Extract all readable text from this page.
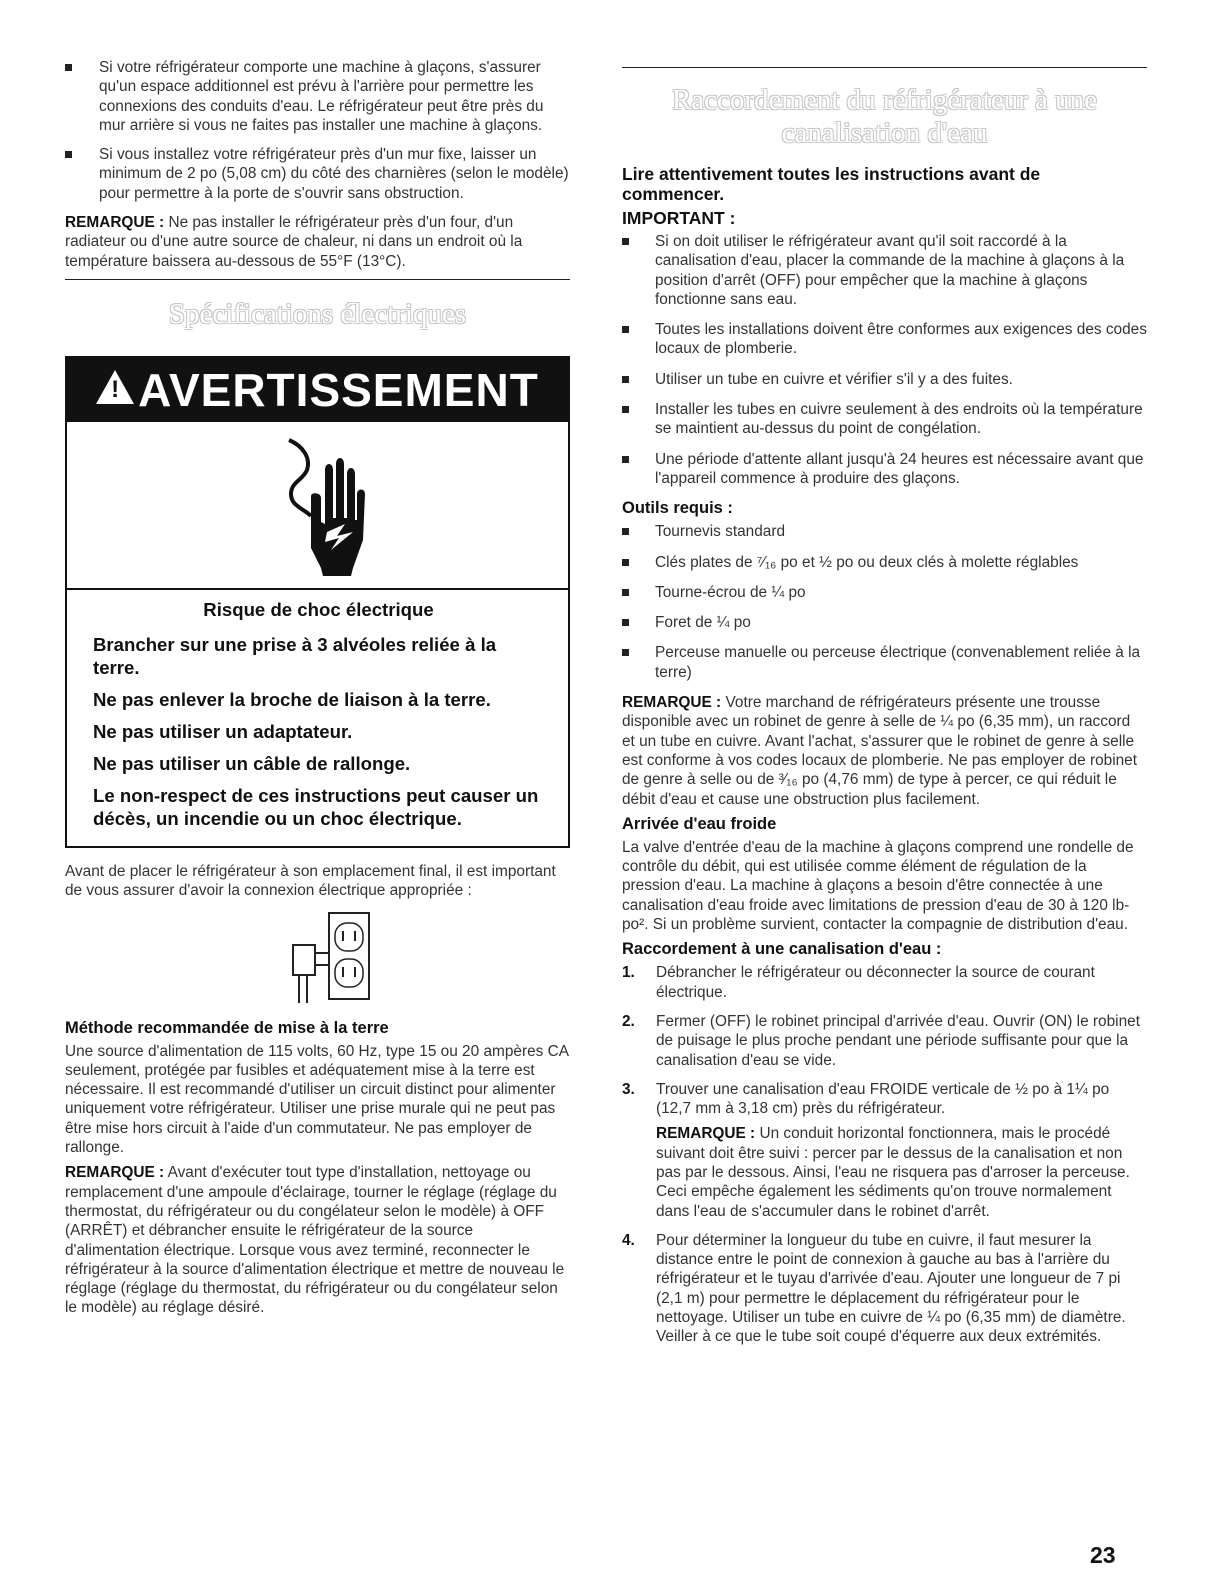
Si votre réfrigérateur comporte une machine à glaçons, s'assurer qu'un espace additionnel est prévu à l'arrière pour permettre les connexions des conduits d'eau. Le réfrigérateur peut être près du mur arrière si vous ne faites pas installer une machine à glaçons.
Si vous installez votre réfrigérateur près d'un mur fixe, laisser un minimum de 2 po (5,08 cm) du côté des charnières (selon le modèle) pour permettre à la porte de s'ouvrir sans obstruction.

REMARQUE : Ne pas installer le réfrigérateur près d'un four, d'un radiateur ou d'une autre source de chaleur, ni dans un endroit où la température baissera au-dessous de 55°F (13°C).

Spécifications électriques
! AVERTISSEMENT

Risque de choc électrique

Brancher sur une prise à 3 alvéoles reliée à la terre.

Ne pas enlever la broche de liaison à la terre.

Ne pas utiliser un adaptateur.

Ne pas utiliser un câble de rallonge.

Le non-respect de ces instructions peut causer un décès, un incendie ou un choc électrique.

Avant de placer le réfrigérateur à son emplacement final, il est important de vous assurer d'avoir la connexion électrique appropriée :

Méthode recommandée de mise à la terre

Une source d'alimentation de 115 volts, 60 Hz, type 15 ou 20 ampères CA seulement, protégée par fusibles et adéquatement mise à la terre est nécessaire. Il est recommandé d'utiliser un circuit distinct pour alimenter uniquement votre réfrigérateur. Utiliser une prise murale qui ne peut pas être mise hors circuit à l'aide d'un commutateur. Ne pas employer de rallonge.

REMARQUE : Avant d'exécuter tout type d'installation, nettoyage ou remplacement d'une ampoule d'éclairage, tourner le réglage (réglage du thermostat, du réfrigérateur ou du congélateur selon le modèle) à OFF (ARRÊT) et débrancher ensuite le réfrigérateur de la source d'alimentation électrique. Lorsque vous avez terminé, reconnecter le réfrigérateur à la source d'alimentation électrique et mettre de nouveau le réglage (réglage du thermostat, du réfrigérateur ou du congélateur selon le modèle) au réglage désiré.

Raccordement du réfrigérateur à une canalisation d'eau

Lire attentivement toutes les instructions avant de commencer.

IMPORTANT :

Si on doit utiliser le réfrigérateur avant qu'il soit raccordé à la canalisation d'eau, placer la commande de la machine à glaçons à la position d'arrêt (OFF) pour empêcher que la machine à glaçons fonctionne sans eau.
Toutes les installations doivent être conformes aux exigences des codes locaux de plomberie.
Utiliser un tube en cuivre et vérifier s'il y a des fuites.
Installer les tubes en cuivre seulement à des endroits où la température se maintient au-dessus du point de congélation.
Une période d'attente allant jusqu'à 24 heures est nécessaire avant que l'appareil commence à produire des glaçons.

Outils requis :

Tournevis standard
Clés plates de ⁷⁄₁₆ po et ½ po ou deux clés à molette réglables
Tourne-écrou de ¼ po
Foret de ¼ po
Perceuse manuelle ou perceuse électrique (convenablement reliée à la terre)

REMARQUE : Votre marchand de réfrigérateurs présente une trousse disponible avec un robinet de genre à selle de ¼ po (6,35 mm), un raccord et un tube en cuivre. Avant l'achat, s'assurer que le robinet de genre à selle est conforme à vos codes locaux de plomberie. Ne pas employer de robinet de genre à selle ou de ³⁄₁₆ po (4,76 mm) de type à percer, ce qui réduit le débit d'eau et cause une obstruction plus facilement.

Arrivée d'eau froide

La valve d'entrée d'eau de la machine à glaçons comprend une rondelle de contrôle du débit, qui est utilisée comme élément de régulation de la pression d'eau. La machine à glaçons a besoin d'être connectée à une canalisation d'eau froide avec limitations de pression d'eau de 30 à 120 lb-po². Si un problème survient, contacter la compagnie de distribution d'eau.

Raccordement à une canalisation d'eau :

1. Débrancher le réfrigérateur ou déconnecter la source de courant électrique.
2. Fermer (OFF) le robinet principal d'arrivée d'eau. Ouvrir (ON) le robinet de puisage le plus proche pendant une période suffisante pour que la canalisation d'eau se vide.
3. Trouver une canalisation d'eau FROIDE verticale de ½ po à 1¼ po (12,7 mm à 3,18 cm) près du réfrigérateur.

REMARQUE : Un conduit horizontal fonctionnera, mais le procédé suivant doit être suivi : percer par le dessus de la canalisation et non pas par le dessous. Ainsi, l'eau ne risquera pas d'arroser la perceuse. Ceci empêche également les sédiments qu'on trouve normalement dans l'eau de s'accumuler dans le robinet d'arrêt.

4. Pour déterminer la longueur du tube en cuivre, il faut mesurer la distance entre le point de connexion à gauche au bas à l'arrière du réfrigérateur et le tuyau d'arrivée d'eau. Ajouter une longueur de 7 pi (2,1 m) pour permettre le déplacement du réfrigérateur pour le nettoyage. Utiliser un tube en cuivre de ¼ po (6,35 mm) de diamètre. Veiller à ce que le tube soit coupé d'équerre aux deux extrémités.
23
